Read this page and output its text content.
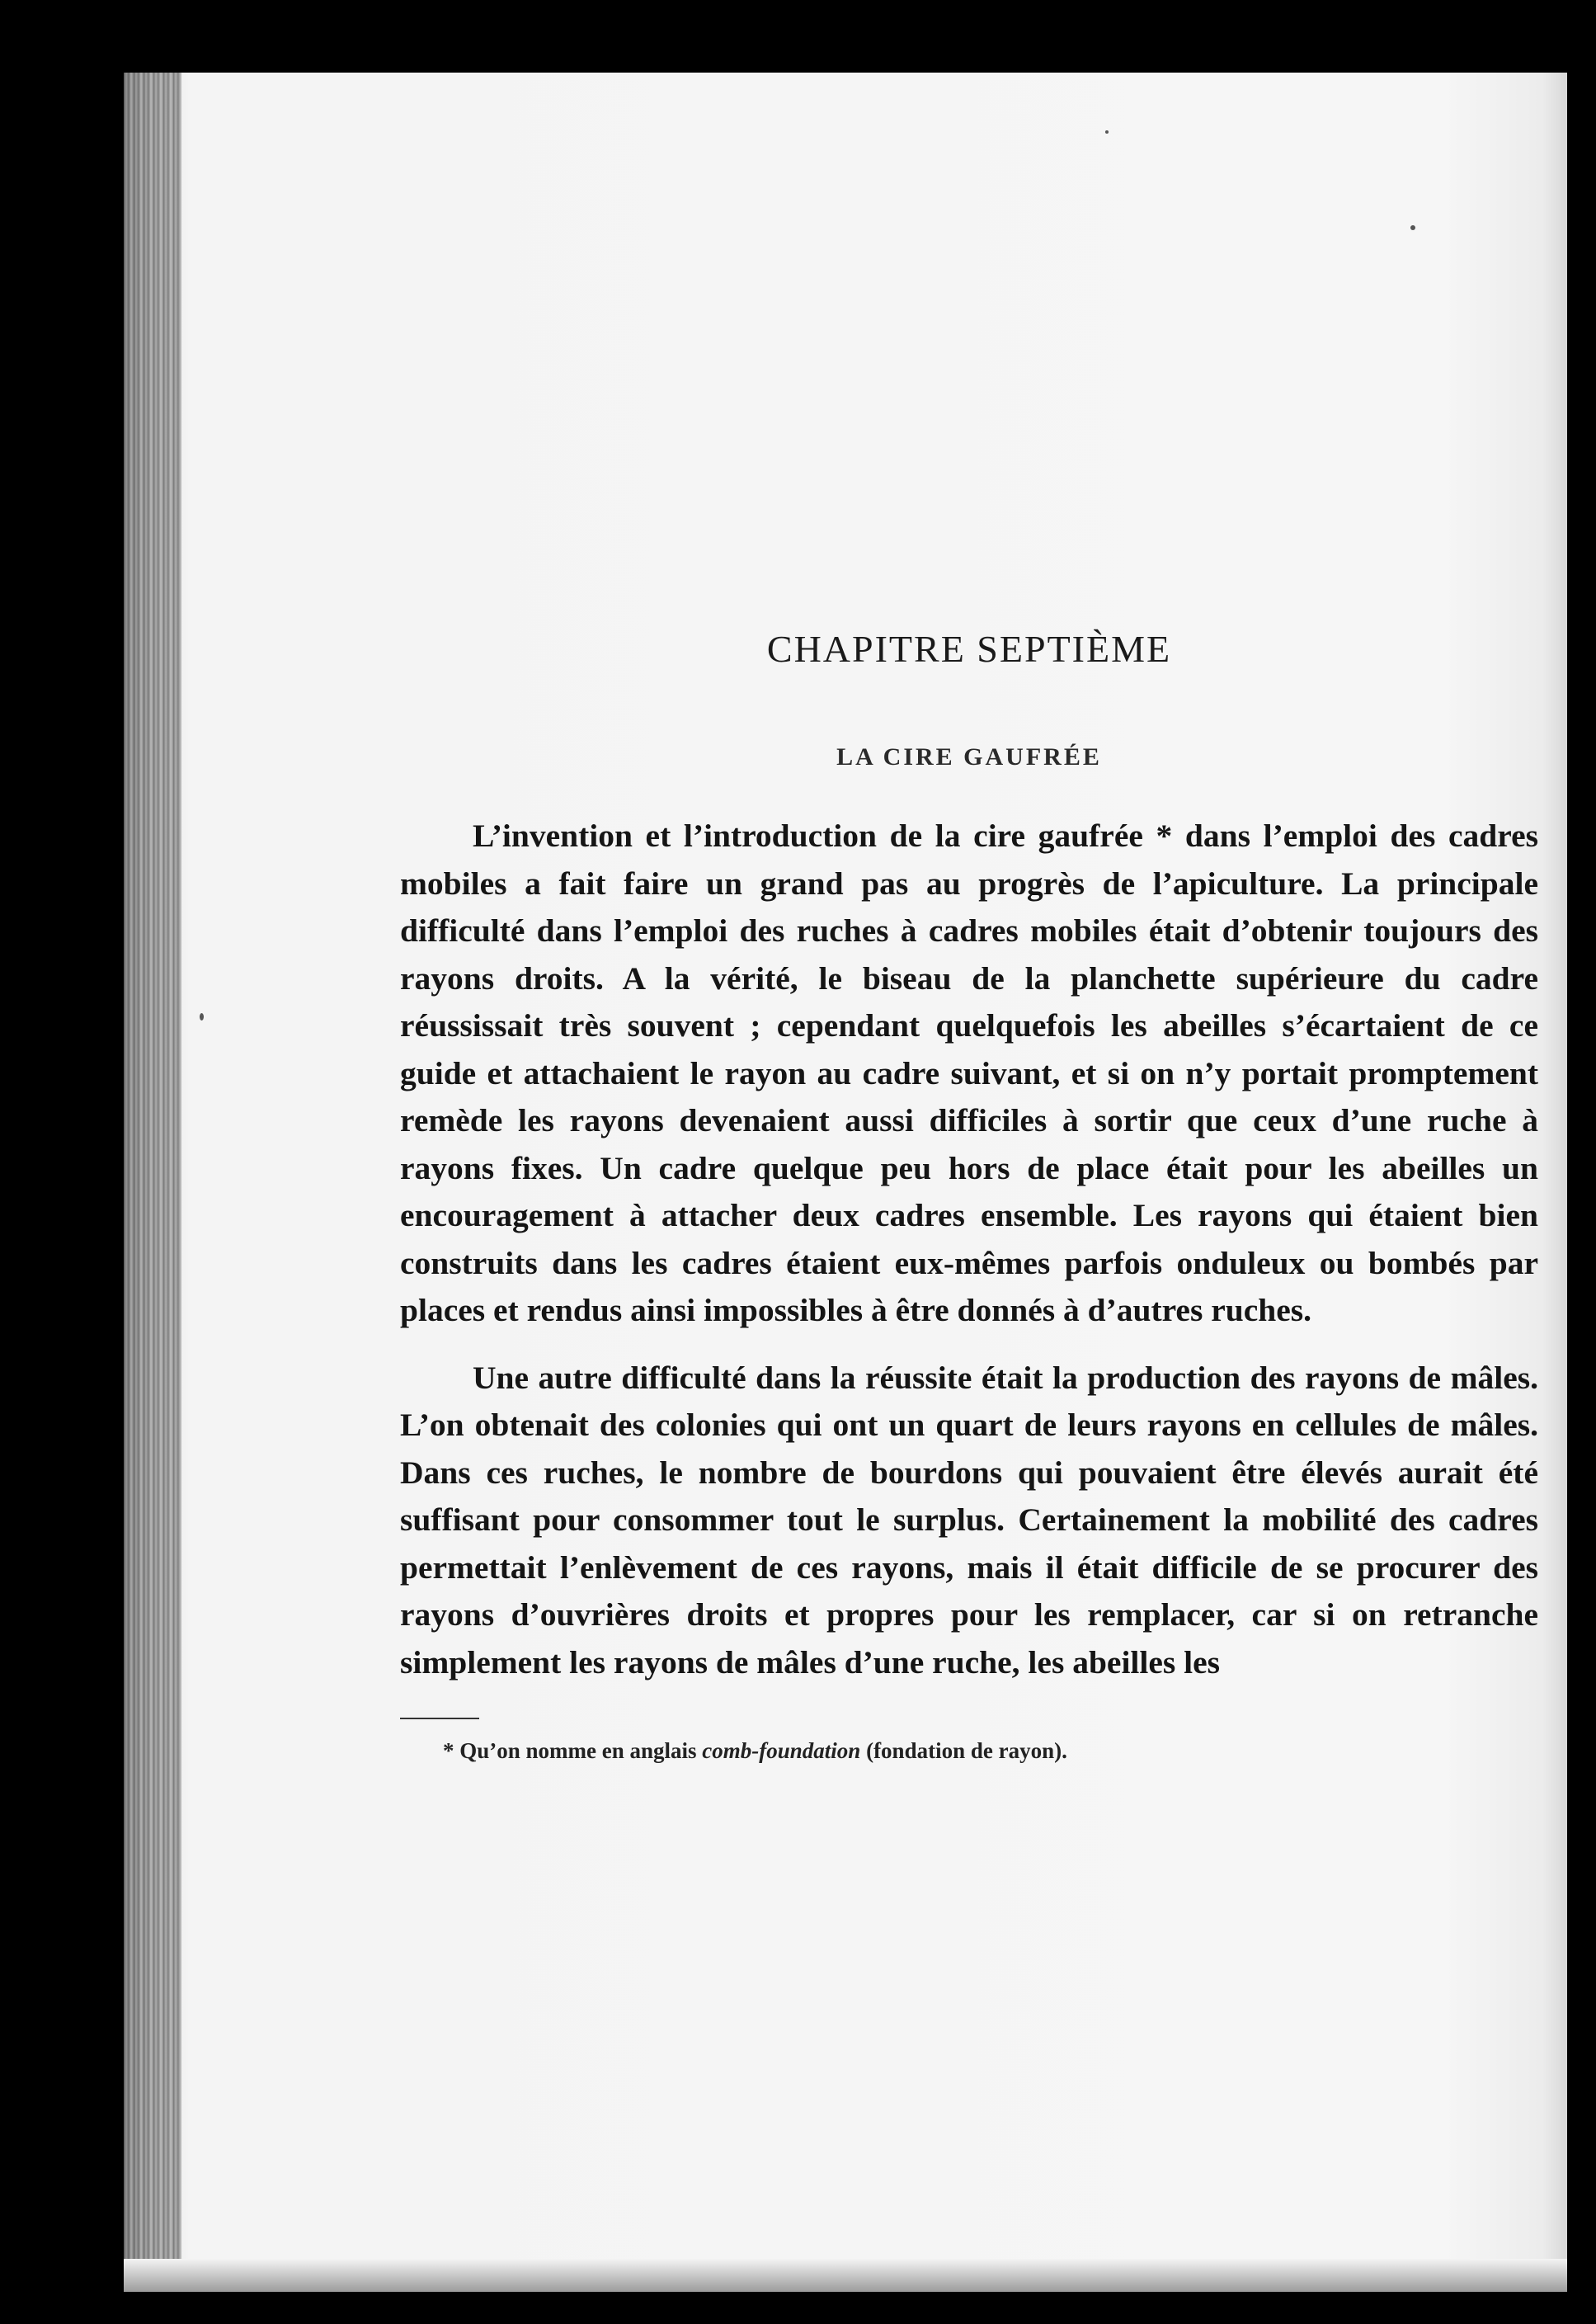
CHAPITRE SEPTIÈME
LA CIRE GAUFRÉE

L’invention et l’introduction de la cire gaufrée * dans l’emploi des cadres mobiles a fait faire un grand pas au progrès de l’apiculture. La principale difficulté dans l’emploi des ruches à cadres mobiles était d’obtenir toujours des rayons droits. A la vérité, le biseau de la planchette supérieure du cadre réussissait très souvent ; cependant quelquefois les abeilles s’écartaient de ce guide et attachaient le rayon au cadre suivant, et si on n’y portait promptement remède les rayons devenaient aussi difficiles à sortir que ceux d’une ruche à rayons fixes. Un cadre quelque peu hors de place était pour les abeilles un encouragement à attacher deux cadres ensemble. Les rayons qui étaient bien construits dans les cadres étaient eux-mêmes parfois onduleux ou bombés par places et rendus ainsi impossibles à être donnés à d’autres ruches.

Une autre difficulté dans la réussite était la production des rayons de mâles. L’on obtenait des colonies qui ont un quart de leurs rayons en cellules de mâles. Dans ces ruches, le nombre de bourdons qui pouvaient être élevés aurait été suffisant pour consommer tout le surplus. Certainement la mobilité des cadres permettait l’enlèvement de ces rayons, mais il était difficile de se procurer des rayons d’ouvrières droits et propres pour les remplacer, car si on retranche simplement les rayons de mâles d’une ruche, les abeilles les

* Qu’on nomme en anglais comb-foundation (fondation de rayon).
